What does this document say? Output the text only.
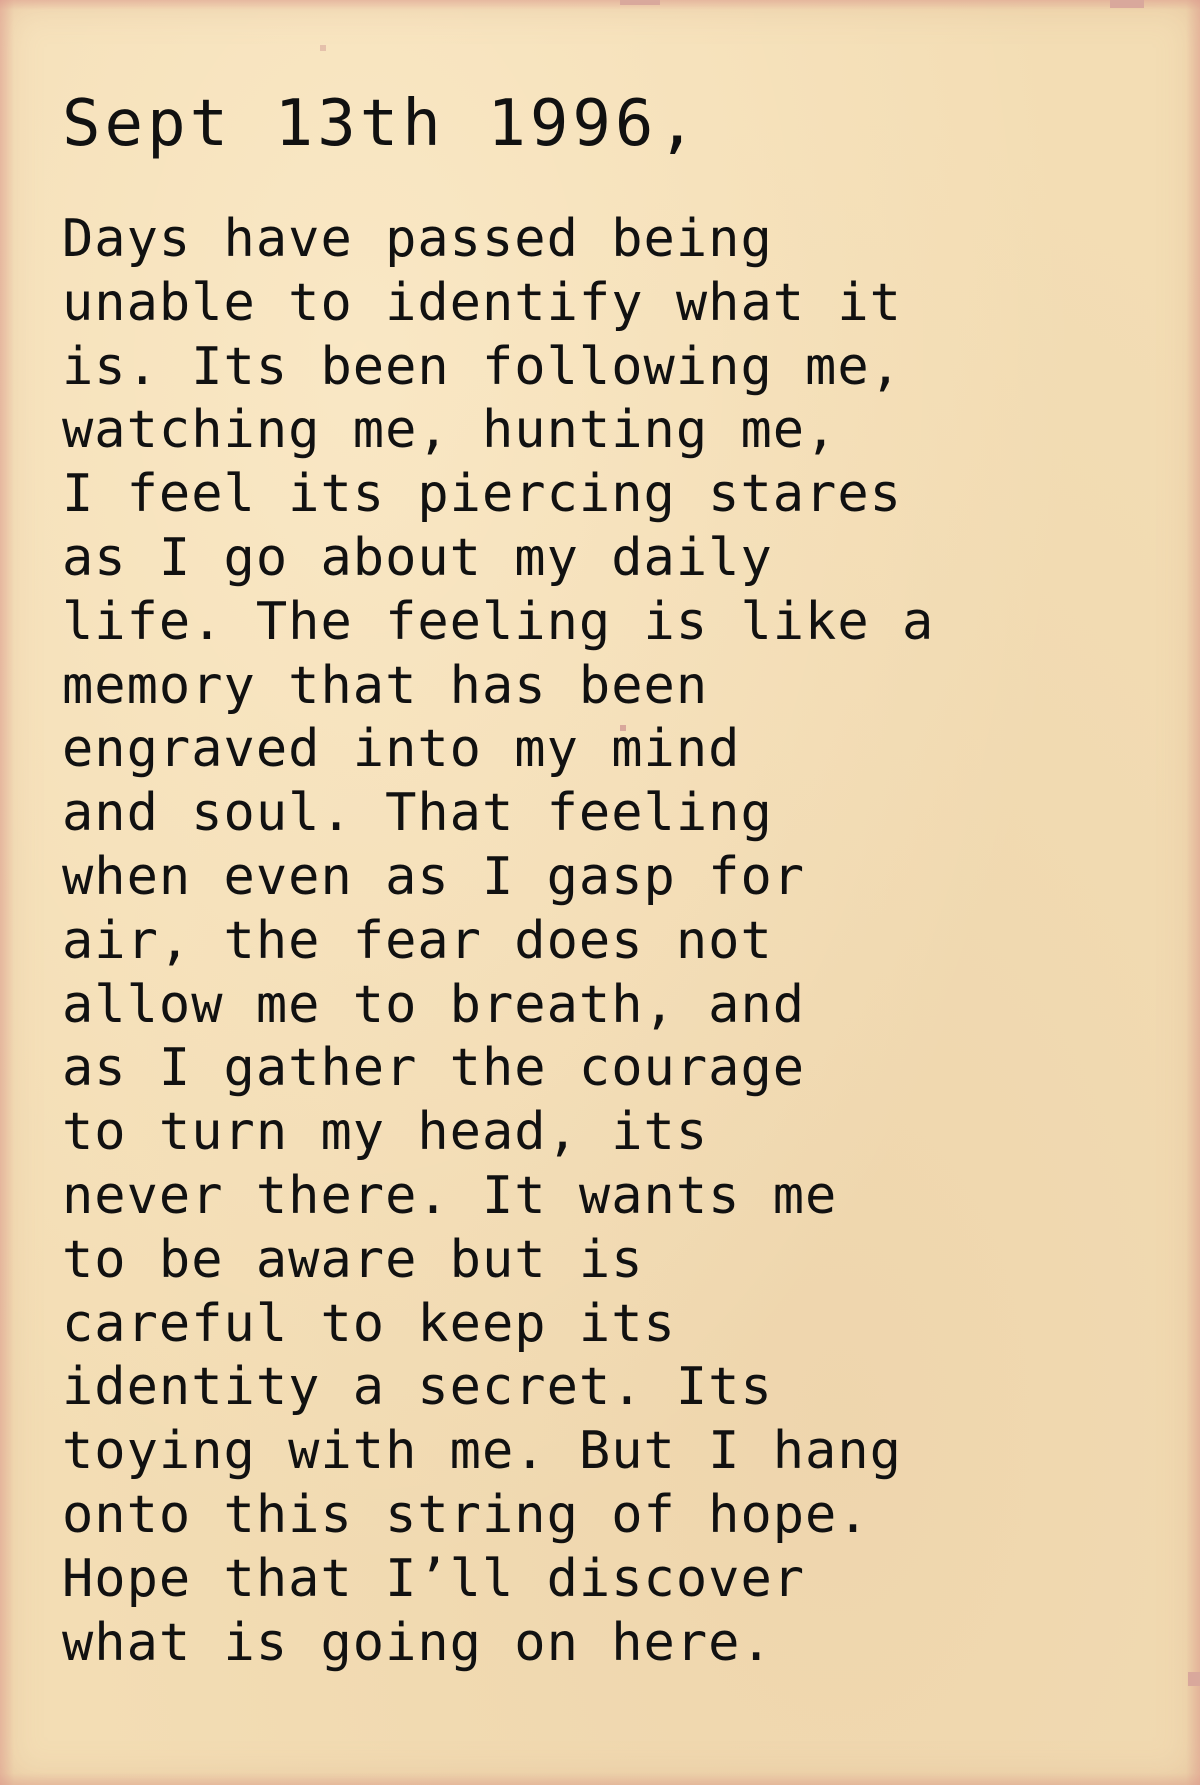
Sept 13th 1996,

Days have passed being
unable to identify what it
is. Its been following me,
watching me, hunting me,
I feel its piercing stares
as I go about my daily
life. The feeling is like a
memory that has been
engraved into my mind
and soul. That feeling
when even as I gasp for
air, the fear does not
allow me to breath, and
as I gather the courage
to turn my head, its
never there. It wants me
to be aware but is
careful to keep its
identity a secret. Its
toying with me. But I hang
onto this string of hope.
Hope that I’ll discover
what is going on here.
